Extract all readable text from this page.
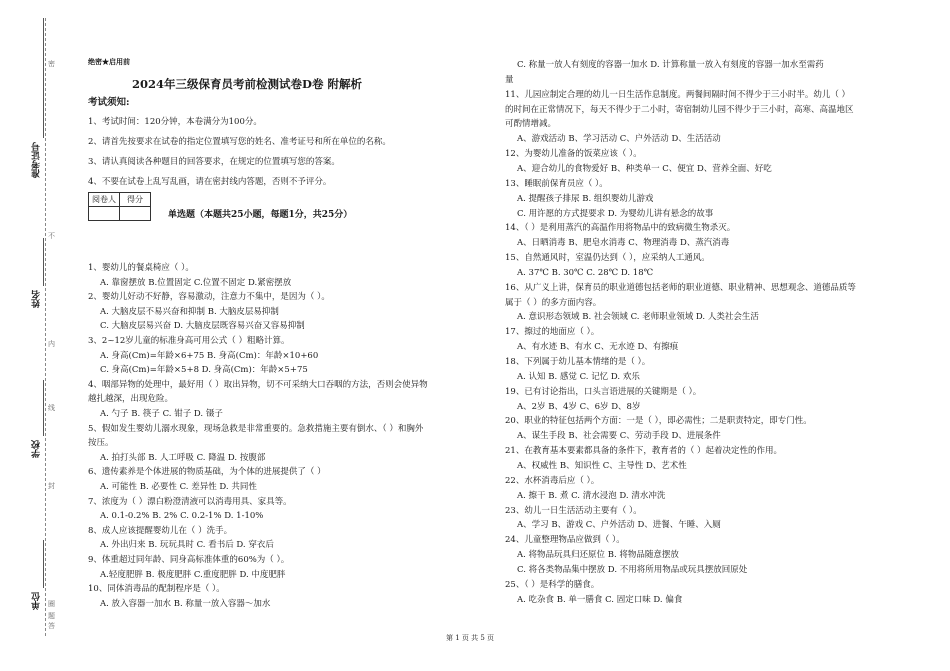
准考证号
姓名
学校
单位
密
不
内
线
封
圈
题
答
绝密★启用前
2024年三级保育员考前检测试卷D卷 附解析
考试须知:
1、考试时间：120分钟，本卷满分为100分。
2、请首先按要求在试卷的指定位置填写您的姓名、准考证号和所在单位的名称。
3、请认真阅读各种题目的回答要求，在规定的位置填写您的答案。
4、不要在试卷上乱写乱画，请在密封线内答题，否则不予评分。
阅卷人	得分

单选题（本题共25小题，每题1分，共25分）
1、婴幼儿的餐桌椅应（ ）。
A. 靠窗摆放 B.位置固定 C.位置不固定 D.紧密摆放
2、婴幼儿好动不好静，容易激动，注意力不集中，是因为（ ）。
A. 大脑皮层不易兴奋和抑制 B. 大脑皮层易抑制
C. 大脑皮层易兴奋 D. 大脑皮层既容易兴奋又容易抑制
3、2~12岁儿童的标准身高可用公式（ ）粗略计算。
A. 身高(Cm)=年龄×6+75 B. 身高(Cm)：年龄×10+60
C. 身高(Cm)=年龄×5+8 D. 身高(Cm)：年龄×5+75
4、咽部异物的处理中，最好用（ ）取出异物，切不可采纳大口吞咽的方法，否则会使异物
越扎越深，出现危险。
A. 勺子 B. 筷子 C. 钳子 D. 镊子
5、假如发生婴幼儿溺水现象，现场急救是非常重要的。急救措施主要有倒水、（ ）和胸外
按压。
A. 拍打头部 B. 人工呼吸 C. 降温 D. 按腹部
6、遗传素养是个体进展的物质基础，为个体的进展提供了（ ）
A. 可能性 B. 必要性 C. 差异性 D. 共同性
7、浓度为（ ）漂白粉澄清液可以消毒用具、家具等。
A. 0.1-0.2% B. 2% C. 0.2-1% D. 1-10%
8、成人应该提醒婴幼儿在（ ）洗手。
A. 外出归来 B. 玩玩具时 C. 看书后 D. 穿衣后
9、体重超过同年龄、同身高标准体重的60%为（ ）。
A.轻度肥胖 B. 极度肥胖 C.重度肥胖 D. 中度肥胖
10、同体消毒品的配制程序是（ ）。
A. 放入容器一加水 B. 称量一放入容器～加水
C. 称量一放人有刻度的容器一加水 D. 计算称量一放入有刻度的容器一加水至需药
量
11、儿园应制定合理的幼儿一日生活作息制度。两餐间隔时间不得少于三小时半。幼儿（ ）
的时间在正常情况下，每天不得少于二小时，寄宿制幼儿园不得少于三小时，高寒、高温地区
可酌情增减。
A、游戏活动 B、学习活动 C、户外活动 D、生活活动
12、为婴幼儿准备的饭菜应该（ ）。
A、迎合幼儿的食物爱好 B、种类单一 C、便宜 D、营养全面、好吃
13、睡眠前保育员应（ ）。
A. 提醒孩子排尿 B. 组织婴幼儿游戏
C. 用许愿的方式提要求 D. 为婴幼儿讲有悬念的故事
14、（ ）是利用蒸汽的高温作用将物品中的致病微生物杀灭。
A、日晒消毒 B、肥皂水消毒 C、物理消毒 D、蒸汽消毒
15、自然通风时，室温仍达到（ ），应采纳人工通风。
A. 37℃ B. 30℃ C. 28℃ D. 18℃
16、从广义上讲，保育员的职业道德包括老师的职业道德、职业精神、思想观念、道德品质等
属于（ ）的多方面内容。
A. 意识形态领域 B. 社会领域 C. 老师职业领域 D. 人类社会生活
17、擦过的地面应（ ）。
A、有水迹 B、有水 C、无水迹 D、有擦痕
18、下列属于幼儿基本情绪的是（ ）。
A. 认知 B. 感觉 C. 记忆 D. 欢乐
19、已有讨论指出，口头言语进展的关键期是（ ）。
A、2岁 B、4岁 C、6岁 D、8岁
20、职业的特征包括两个方面：一是（ ），即必需性；二是职责特定，即专门性。
A、谋生手段 B、社会需要 C、劳动手段 D、进展条件
21、在教育基本要素都具备的条件下，教育者的（ ）起着决定性的作用。
A、权威性 B、知识性 C、主导性 D、艺术性
22、水杯消毒后应（ ）。
A. 擦干 B. 煮 C. 清水浸泡 D. 清水冲洗
23、幼儿一日生活活动主要有（ ）。
A、学习 B、游戏 C、户外活动 D、进餐、午睡、入厕
24、儿童整理物品应做到（ ）。
A. 将物品玩具归还原位 B. 将物品随意摆放
C. 将各类物品集中摆放 D. 不用将所用物品或玩具摆放回原处
25、（ ）是科学的膳食。
A. 吃杂食 B. 单一膳食 C. 固定口味 D. 偏食
第 1 页 共 5 页
